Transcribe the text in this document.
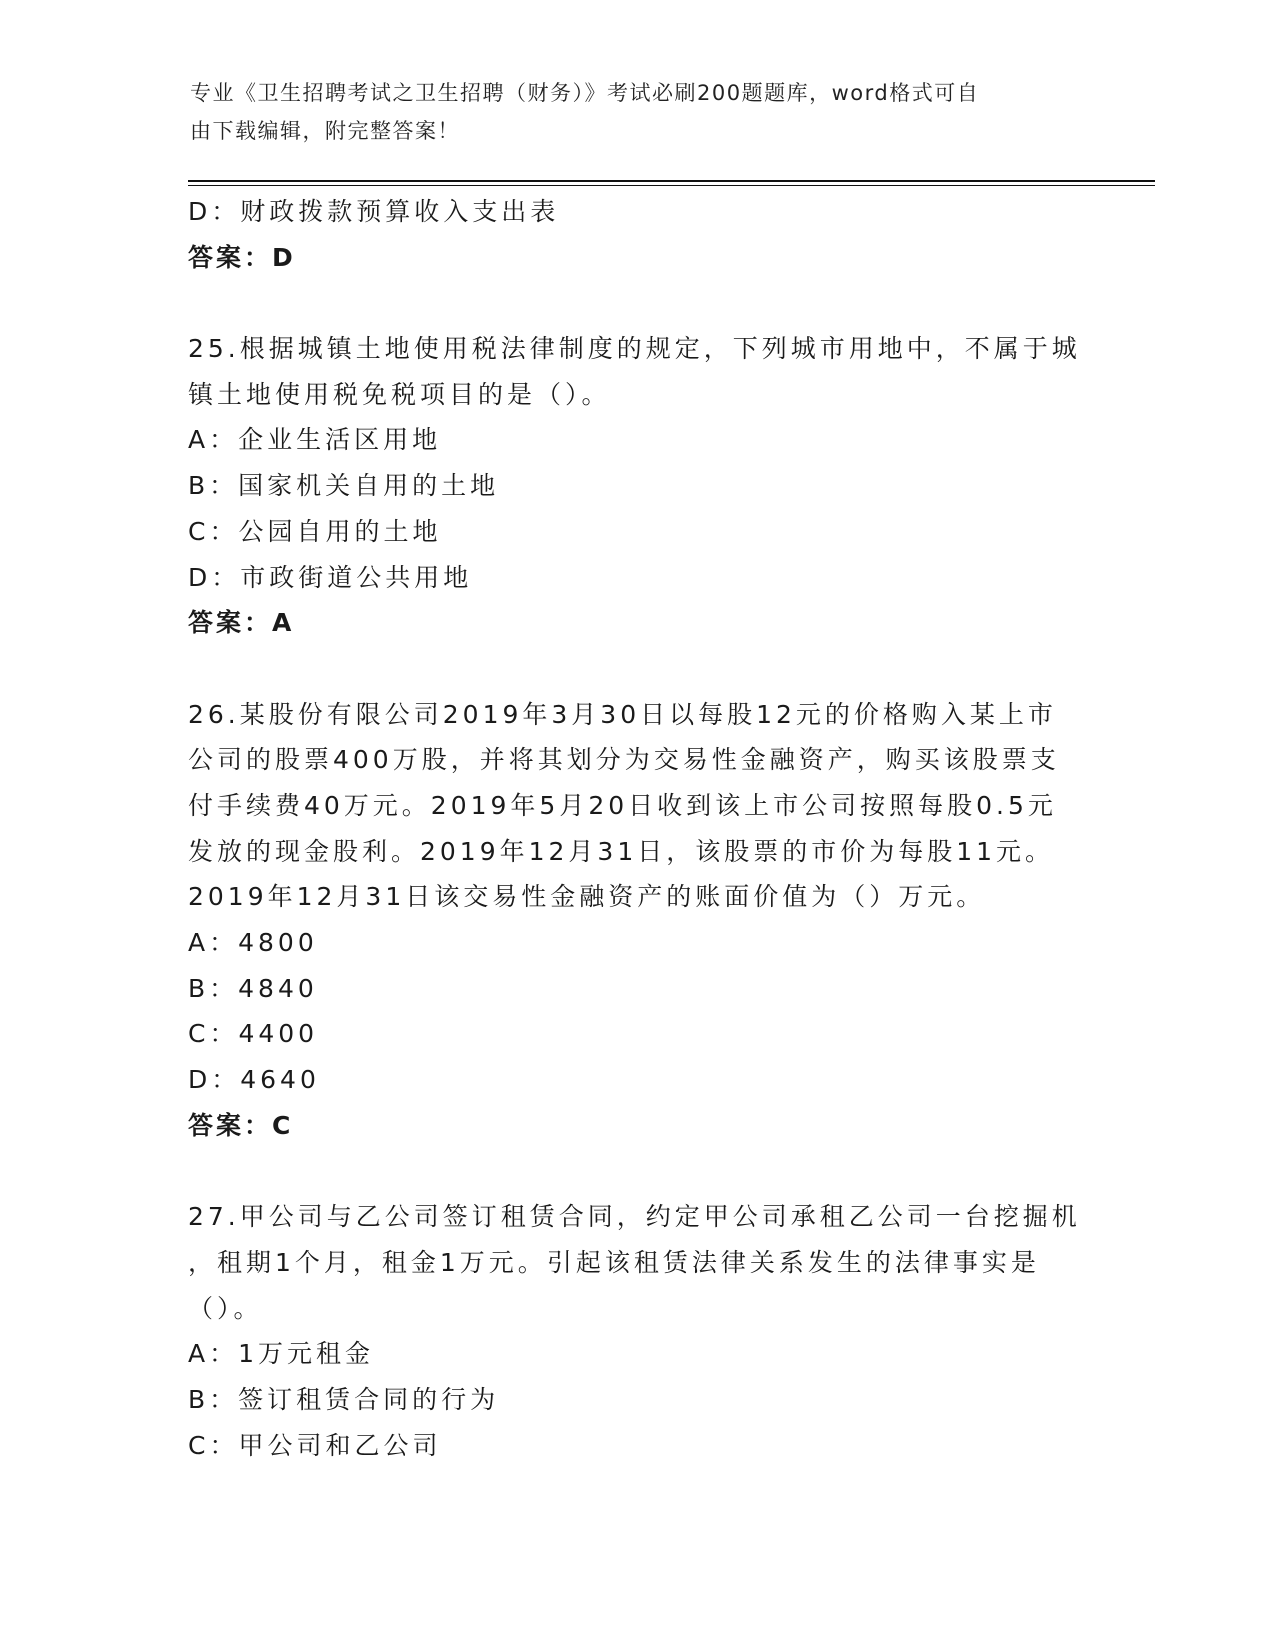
专业《卫生招聘考试之卫生招聘（财务）》考试必刷200题题库，word格式可自
由下载编辑，附完整答案！
D：财政拨款预算收入支出表
答案：D
25.根据城镇土地使用税法律制度的规定，下列城市用地中，不属于城
镇土地使用税免税项目的是（）。
A：企业生活区用地
B：国家机关自用的土地
C：公园自用的土地
D：市政街道公共用地
答案：A
26.某股份有限公司2019年3月30日以每股12元的价格购入某上市
公司的股票400万股，并将其划分为交易性金融资产，购买该股票支
付手续费40万元。2019年5月20日收到该上市公司按照每股0.5元
发放的现金股利。2019年12月31日，该股票的市价为每股11元。
2019年12月31日该交易性金融资产的账面价值为（）万元。
A：4800
B：4840
C：4400
D：4640
答案：C
27.甲公司与乙公司签订租赁合同，约定甲公司承租乙公司一台挖掘机
，租期1个月，租金1万元。引起该租赁法律关系发生的法律事实是
（）。
A：1万元租金
B：签订租赁合同的行为
C：甲公司和乙公司
